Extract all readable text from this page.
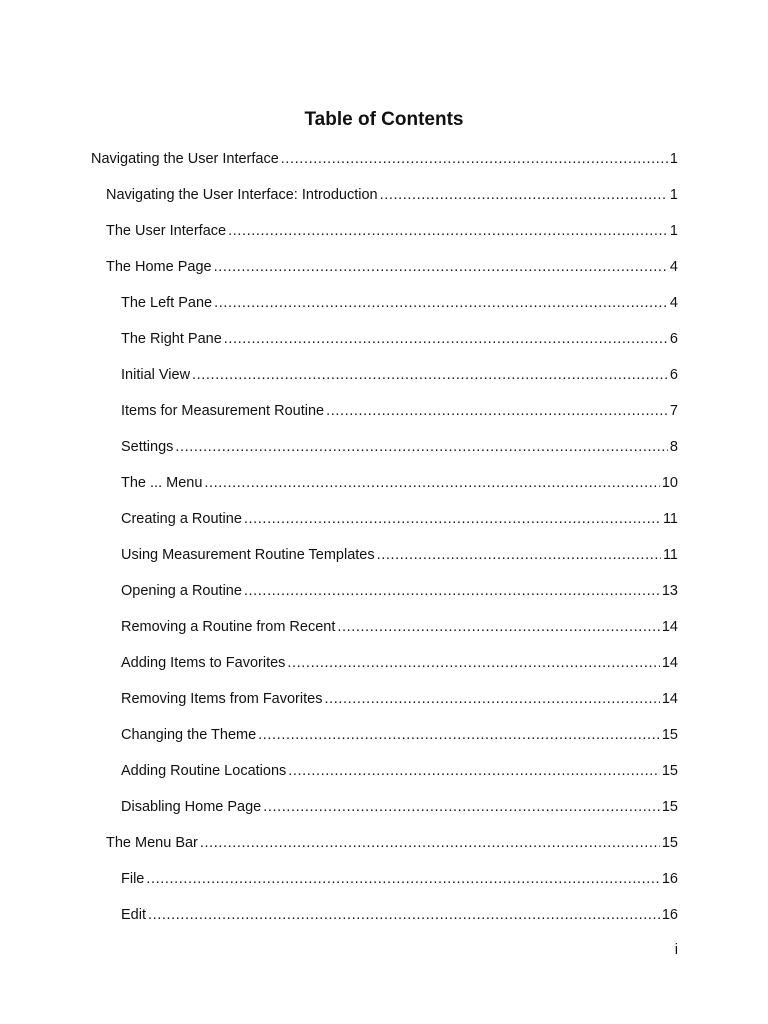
Table of Contents
Navigating the User Interface .....	1
Navigating the User Interface: Introduction .....	1
The User Interface .....	1
The Home Page .....	4
The Left Pane .....	4
The Right Pane .....	6
Initial View .....	6
Items for Measurement Routine .....	7
Settings .....	8
The ... Menu .....	10
Creating a Routine .....	11
Using Measurement Routine Templates .....	11
Opening a Routine .....	13
Removing a Routine from Recent .....	14
Adding Items to Favorites .....	14
Removing Items from Favorites .....	14
Changing the Theme .....	15
Adding Routine Locations .....	15
Disabling Home Page .....	15
The Menu Bar .....	15
File .....	16
Edit .....	16
i
